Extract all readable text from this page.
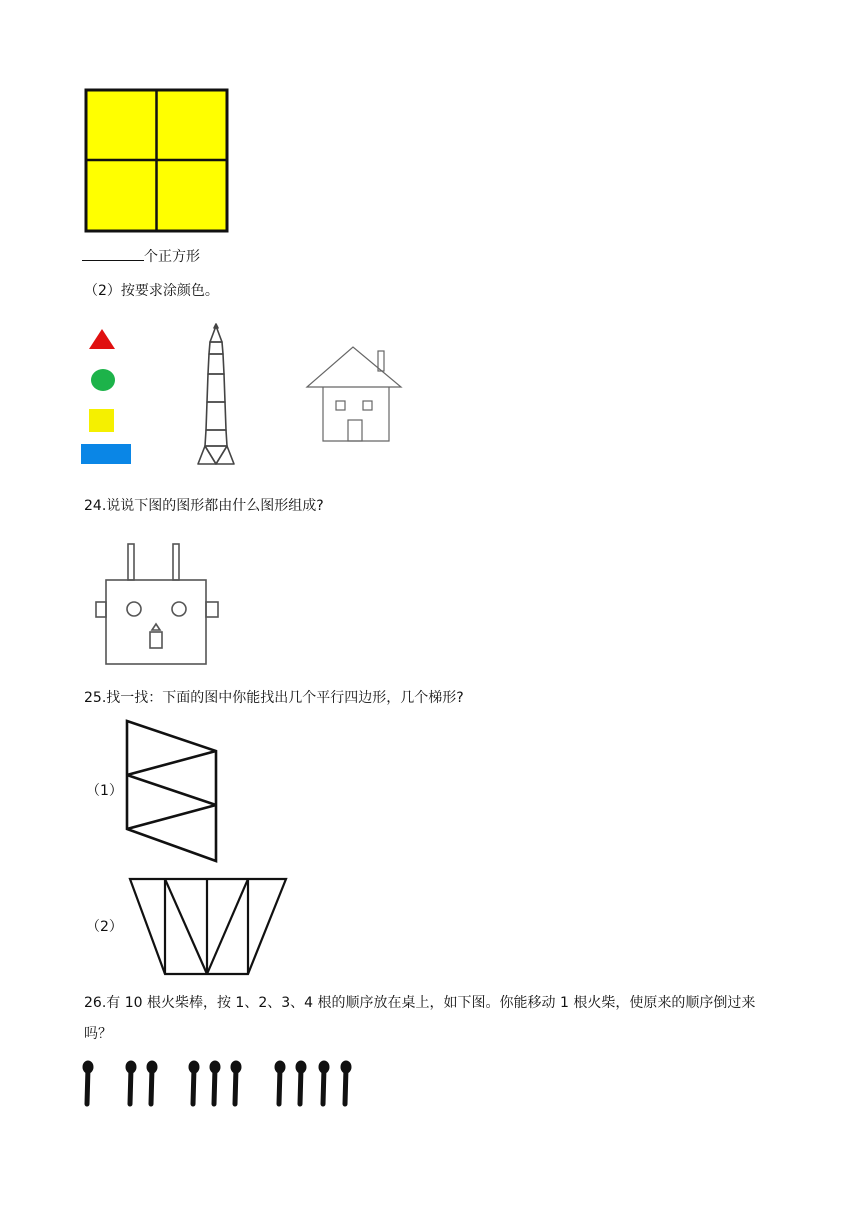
个正方形
（2）按要求涂颜色。
24.说说下图的图形都由什么图形组成?
25.找一找：下面的图中你能找出几个平行四边形，几个梯形?
（1）
（2）
26.有 10 根火柴棒，按 1、2、3、4 根的顺序放在桌上，如下图。你能移动 1 根火柴，使原来的顺序倒过来
吗？
